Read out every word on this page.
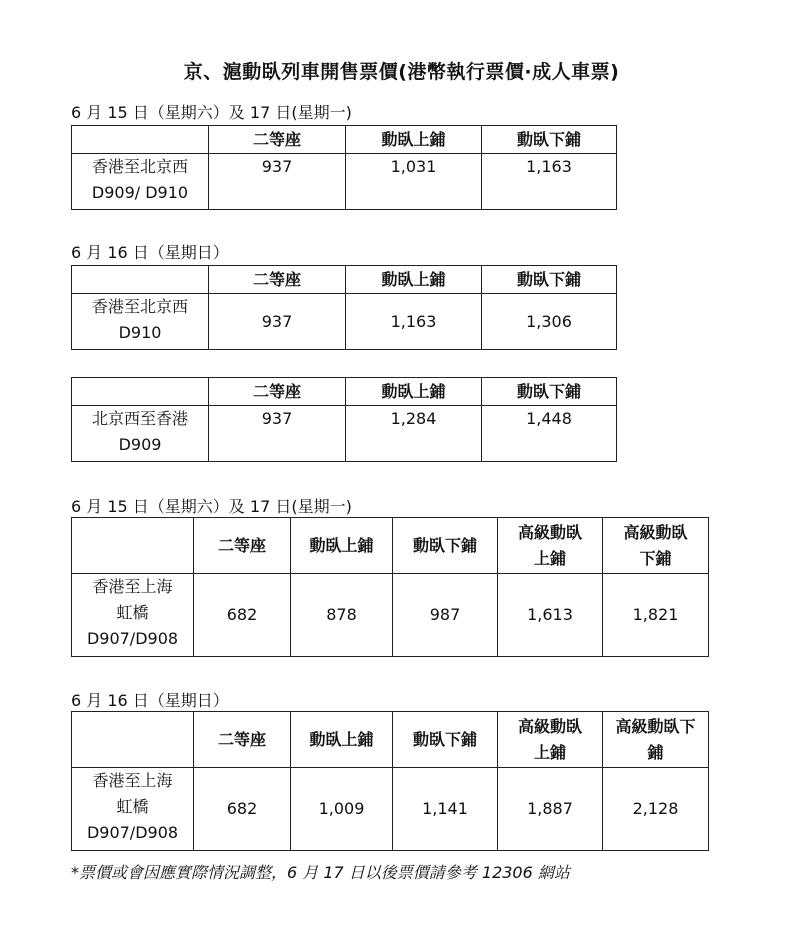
京、滬動臥列車開售票價(港幣執行票價·成人車票)
6 月 15 日（星期六）及 17 日(星期一)
	二等座	動臥上鋪	動臥下鋪

香港至北京西
D909/ D910	937	1,031	1,163
6 月 16 日（星期日）
	二等座	動臥上鋪	動臥下鋪

香港至北京西
D910	937	1,163	1,306
	二等座	動臥上鋪	動臥下鋪

北京西至香港
D909	937	1,284	1,448
6 月 15 日（星期六）及 17 日(星期一)
	二等座	動臥上鋪	動臥下鋪	高級動臥
上鋪	高級動臥
下鋪

香港至上海
虹橋
D907/D908	682	878	987	1,613	1,821
6 月 16 日（星期日）
	二等座	動臥上鋪	動臥下鋪	高級動臥
上鋪	高級動臥下
鋪

香港至上海
虹橋
D907/D908	682	1,009	1,141	1,887	2,128
*票價或會因應實際情況調整，6 月 17 日以後票價請參考 12306 網站
